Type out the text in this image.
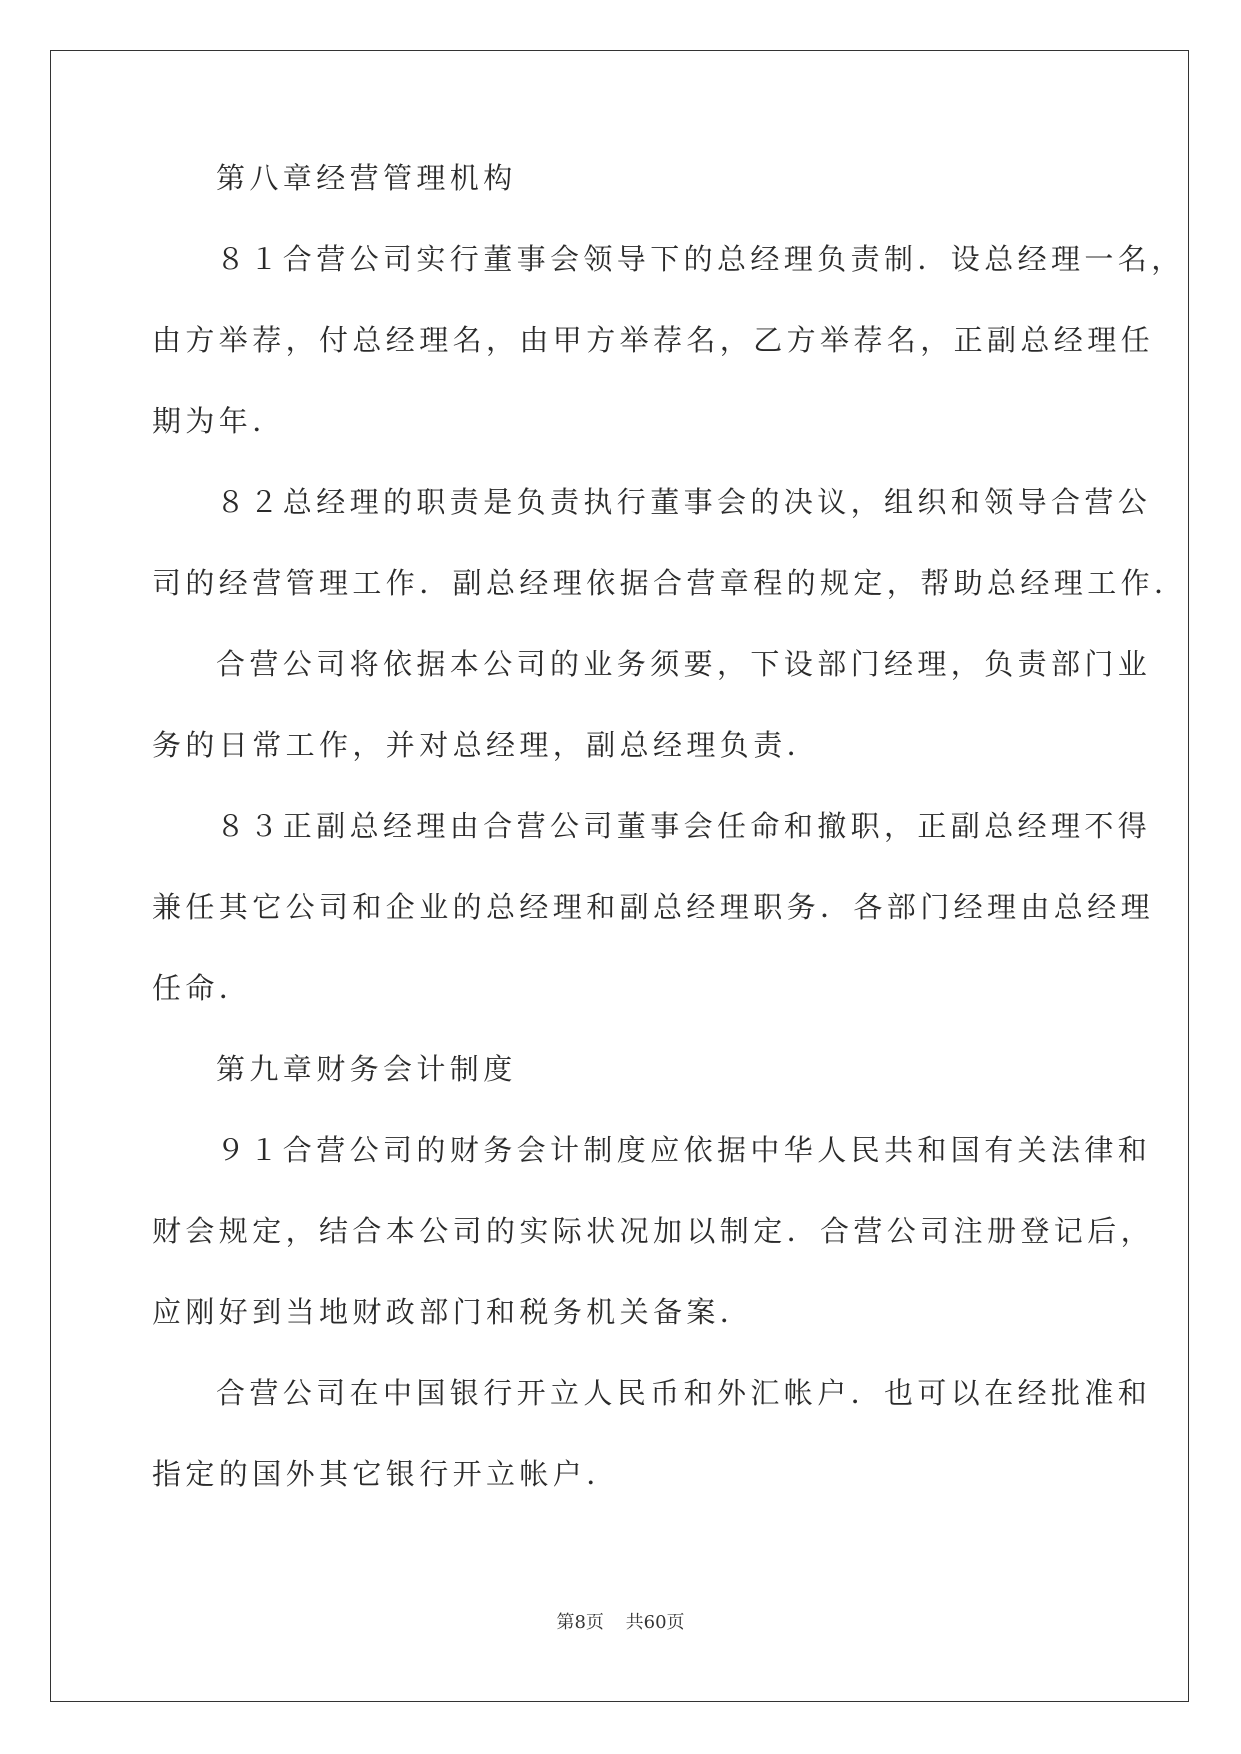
第八章经营管理机构
８１合营公司实行董事会领导下的总经理负责制．设总经理一名，
由方举荐，付总经理名，由甲方举荐名，乙方举荐名，正副总经理任
期为年．
８２总经理的职责是负责执行董事会的决议，组织和领导合营公
司的经营管理工作．副总经理依据合营章程的规定，帮助总经理工作．
合营公司将依据本公司的业务须要，下设部门经理，负责部门业
务的日常工作，并对总经理，副总经理负责．
８３正副总经理由合营公司董事会任命和撤职，正副总经理不得
兼任其它公司和企业的总经理和副总经理职务．各部门经理由总经理
任命．
第九章财务会计制度
９１合营公司的财务会计制度应依据中华人民共和国有关法律和
财会规定，结合本公司的实际状况加以制定．合营公司注册登记后，
应刚好到当地财政部门和税务机关备案．
合营公司在中国银行开立人民币和外汇帐户．也可以在经批准和
指定的国外其它银行开立帐户．
第8页 共60页
